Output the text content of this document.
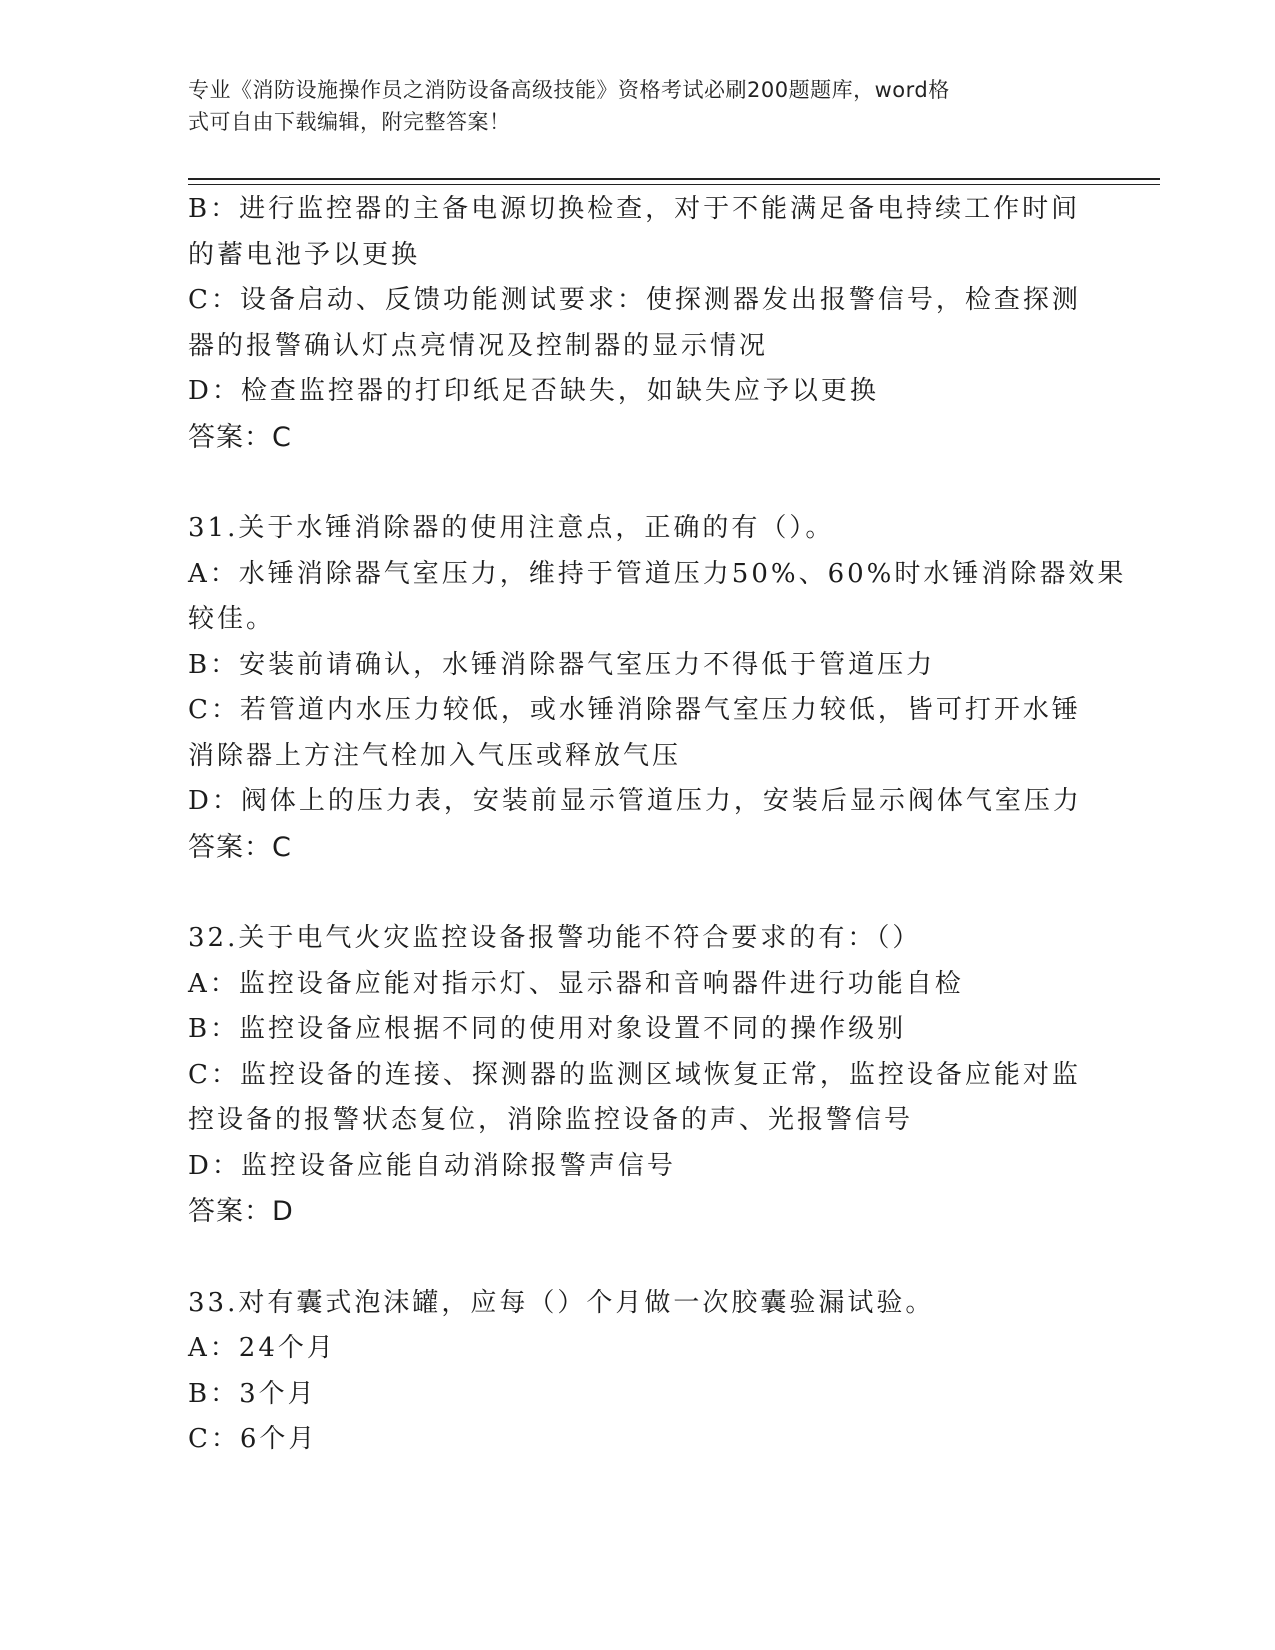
专业《消防设施操作员之消防设备高级技能》资格考试必刷200题题库，word格
式可自由下载编辑，附完整答案！
B：进行监控器的主备电源切换检查，对于不能满足备电持续工作时间
的蓄电池予以更换
C：设备启动、反馈功能测试要求：使探测器发出报警信号，检查探测
器的报警确认灯点亮情况及控制器的显示情况
D：检查监控器的打印纸足否缺失，如缺失应予以更换
答案：C
31.关于水锤消除器的使用注意点，正确的有（）。
A：水锤消除器气室压力，维持于管道压力50%、60%时水锤消除器效果
较佳。
B：安装前请确认，水锤消除器气室压力不得低于管道压力
C：若管道内水压力较低，或水锤消除器气室压力较低，皆可打开水锤
消除器上方注气栓加入气压或释放气压
D：阀体上的压力表，安装前显示管道压力，安装后显示阀体气室压力
答案：C
32.关于电气火灾监控设备报警功能不符合要求的有：（）
A：监控设备应能对指示灯、显示器和音响器件进行功能自检
B：监控设备应根据不同的使用对象设置不同的操作级别
C：监控设备的连接、探测器的监测区域恢复正常，监控设备应能对监
控设备的报警状态复位，消除监控设备的声、光报警信号
D：监控设备应能自动消除报警声信号
答案：D
33.对有囊式泡沫罐，应每（）个月做一次胶囊验漏试验。
A：24个月
B：3个月
C：6个月
